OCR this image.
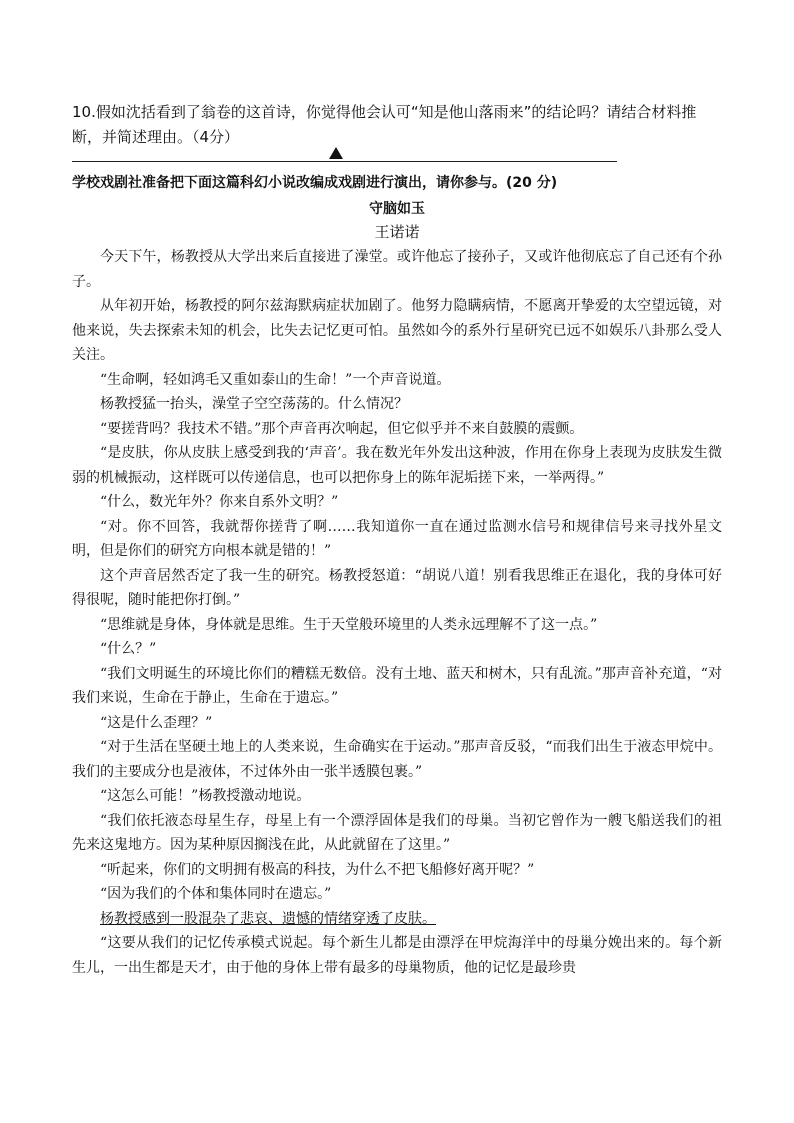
10.假如沈括看到了翁卷的这首诗，你觉得他会认可“知是他山落雨来”的结论吗？请结合材料推断，并简述理由。（4分）
学校戏剧社准备把下面这篇科幻小说改编成戏剧进行演出，请你参与。(20 分)
守脑如玉
王诺诺

今天下午，杨教授从大学出来后直接进了澡堂。或许他忘了接孙子，又或许他彻底忘了自己还有个孙子。

从年初开始，杨教授的阿尔兹海默病症状加剧了。他努力隐瞒病情，不愿离开挚爱的太空望远镜，对他来说，失去探索未知的机会，比失去记忆更可怕。虽然如今的系外行星研究已远不如娱乐八卦那么受人关注。

“生命啊，轻如鸿毛又重如泰山的生命！”一个声音说道。

杨教授猛一抬头，澡堂子空空荡荡的。什么情况？

“要搓背吗？我技术不错。”那个声音再次响起，但它似乎并不来自鼓膜的震颤。

“是皮肤，你从皮肤上感受到我的‘声音’。我在数光年外发出这种波，作用在你身上表现为皮肤发生微弱的机械振动，这样既可以传递信息，也可以把你身上的陈年泥垢搓下来，一举两得。”

“什么，数光年外？你来自系外文明？”

“对。你不回答，我就帮你搓背了啊……我知道你一直在通过监测水信号和规律信号来寻找外星文明，但是你们的研究方向根本就是错的！”

这个声音居然否定了我一生的研究。杨教授怒道：“胡说八道！别看我思维正在退化，我的身体可好得很呢，随时能把你打倒。”

“思维就是身体，身体就是思维。生于天堂般环境里的人类永远理解不了这一点。”

“什么？”

“我们文明诞生的环境比你们的糟糕无数倍。没有土地、蓝天和树木，只有乱流。”那声音补充道，“对我们来说，生命在于静止，生命在于遗忘。”

“这是什么歪理？”

“对于生活在坚硬土地上的人类来说，生命确实在于运动。”那声音反驳，“而我们出生于液态甲烷中。我们的主要成分也是液体，不过体外由一张半透膜包裹。”

“这怎么可能！”杨教授激动地说。

“我们依托液态母星生存，母星上有一个漂浮固体是我们的母巢。当初它曾作为一艘飞船送我们的祖先来这鬼地方。因为某种原因搁浅在此，从此就留在了这里。”

“听起来，你们的文明拥有极高的科技，为什么不把飞船修好离开呢？”

“因为我们的个体和集体同时在遗忘。”

杨教授感到一股混杂了悲哀、遗憾的情绪穿透了皮肤。

“这要从我们的记忆传承模式说起。每个新生儿都是由漂浮在甲烷海洋中的母巢分娩出来的。每个新生儿，一出生都是天才，由于他的身体上带有最多的母巢物质，他的记忆是最珍贵
